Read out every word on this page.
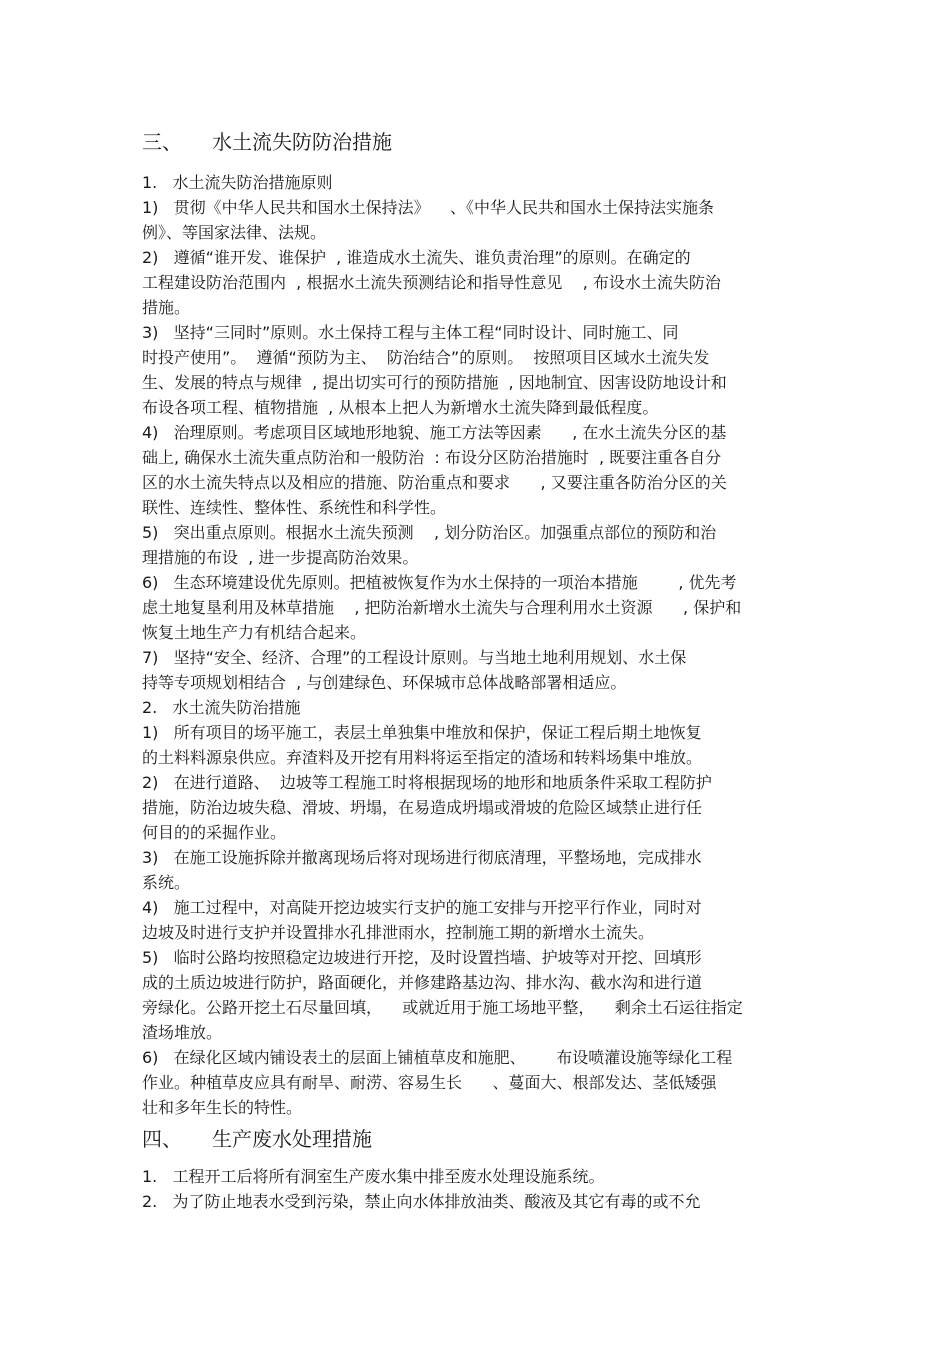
三、 水土流失防防治措施
1.   水土流失防治措施原则
1)   贯彻《中华人民共和国水土保持法》    、《中华人民共和国水土保持法实施条
例》、等国家法律、法规。
2)   遵循“谁开发、谁保护  , 谁造成水土流失、谁负责治理”的原则。在确定的
工程建设防治范围内  , 根据水土流失预测结论和指导性意见    , 布设水土流失防治
措施。
3)   坚持“三同时”原则。水土保持工程与主体工程“同时设计、同时施工、同
时投产使用”。  遵循“预防为主、  防治结合”的原则。  按照项目区域水土流失发
生、发展的特点与规律  , 提出切实可行的预防措施  , 因地制宜、因害设防地设计和
布设各项工程、植物措施  , 从根本上把人为新增水土流失降到最低程度。
4)   治理原则。考虑项目区域地形地貌、施工方法等因素      , 在水土流失分区的基
础上, 确保水土流失重点防治和一般防治  : 布设分区防治措施时  , 既要注重各自分
区的水土流失特点以及相应的措施、防治重点和要求      , 又要注重各防治分区的关
联性、连续性、整体性、系统性和科学性。
5)   突出重点原则。根据水土流失预测    , 划分防治区。加强重点部位的预防和治
理措施的布设  , 进一步提高防治效果。
6)   生态环境建设优先原则。把植被恢复作为水土保持的一项治本措施        , 优先考
虑土地复垦利用及林草措施    , 把防治新增水土流失与合理利用水土资源      , 保护和
恢复土地生产力有机结合起来。
7)   坚持“安全、经济、合理”的工程设计原则。与当地土地利用规划、水土保
持等专项规划相结合  , 与创建绿色、环保城市总体战略部署相适应。
2.   水土流失防治措施
1)   所有项目的场平施工，表层土单独集中堆放和保护，保证工程后期土地恢复
的土料料源泉供应。弃渣料及开挖有用料将运至指定的渣场和转料场集中堆放。
2)   在进行道路、  边坡等工程施工时将根据现场的地形和地质条件采取工程防护
措施，防治边坡失稳、滑坡、坍塌，在易造成坍塌或滑坡的危险区域禁止进行任
何目的的采掘作业。
3)   在施工设施拆除并撤离现场后将对现场进行彻底清理，平整场地，完成排水
系统。
4)   施工过程中，对高陡开挖边坡实行支护的施工安排与开挖平行作业，同时对
边坡及时进行支护并设置排水孔排泄雨水，控制施工期的新增水土流失。
5)   临时公路均按照稳定边坡进行开挖，及时设置挡墙、护坡等对开挖、回填形
成的土质边坡进行防护，路面硬化，并修建路基边沟、排水沟、截水沟和进行道
旁绿化。公路开挖土石尽量回填，    或就近用于施工场地平整，    剩余土石运往指定
渣场堆放。
6)   在绿化区域内铺设表土的层面上铺植草皮和施肥、      布设喷灌设施等绿化工程
作业。种植草皮应具有耐旱、耐涝、容易生长      、蔓面大、根部发达、茎低矮强
壮和多年生长的特性。
四、 生产废水处理措施
1.   工程开工后将所有洞室生产废水集中排至废水处理设施系统。
2.   为了防止地表水受到污染，禁止向水体排放油类、酸液及其它有毒的或不允
